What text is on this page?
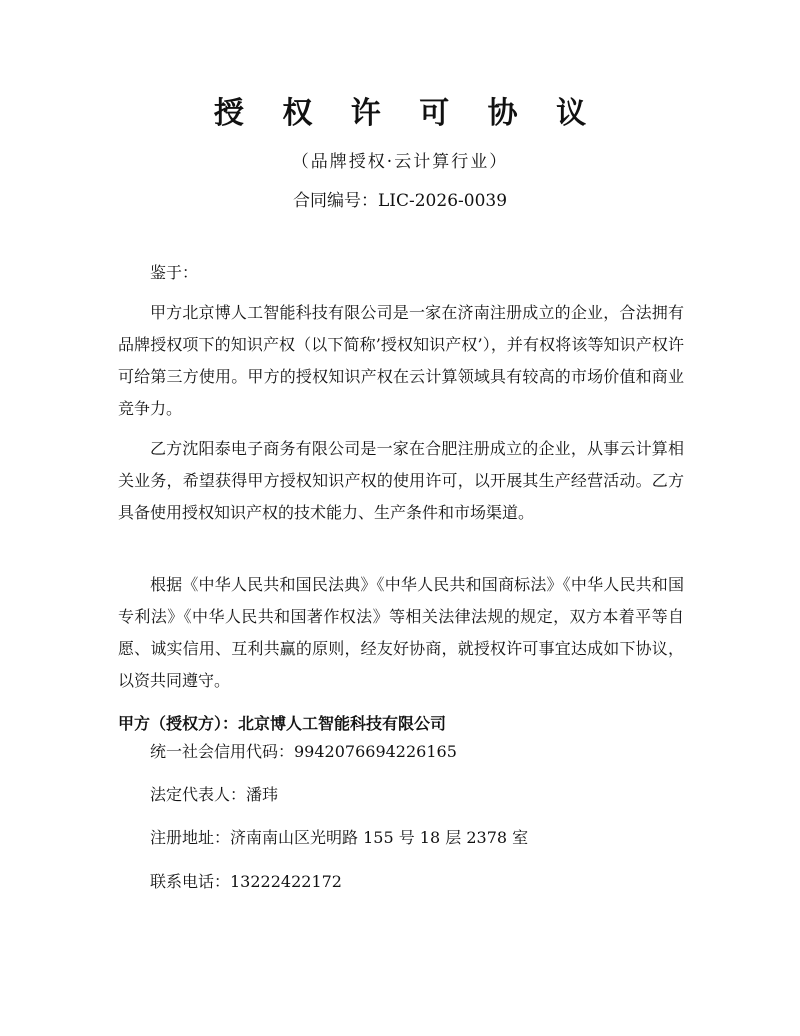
授 权 许 可 协 议
（品牌授权·云计算行业）
合同编号：LIC-2026-0039

鉴于：

甲方北京博人工智能科技有限公司是一家在济南注册成立的企业，合法拥有品牌授权项下的知识产权（以下简称’授权知识产权’），并有权将该等知识产权许可给第三方使用。甲方的授权知识产权在云计算领域具有较高的市场价值和商业竞争力。

乙方沈阳泰电子商务有限公司是一家在合肥注册成立的企业，从事云计算相关业务，希望获得甲方授权知识产权的使用许可，以开展其生产经营活动。乙方具备使用授权知识产权的技术能力、生产条件和市场渠道。

根据《中华人民共和国民法典》《中华人民共和国商标法》《中华人民共和国专利法》《中华人民共和国著作权法》等相关法律法规的规定，双方本着平等自愿、诚实信用、互利共赢的原则，经友好协商，就授权许可事宜达成如下协议，以资共同遵守。

甲方（授权方）：北京博人工智能科技有限公司
统一社会信用代码：9942076694226165
法定代表人：潘玮
注册地址：济南南山区光明路 155 号 18 层 2378 室
联系电话：13222422172
